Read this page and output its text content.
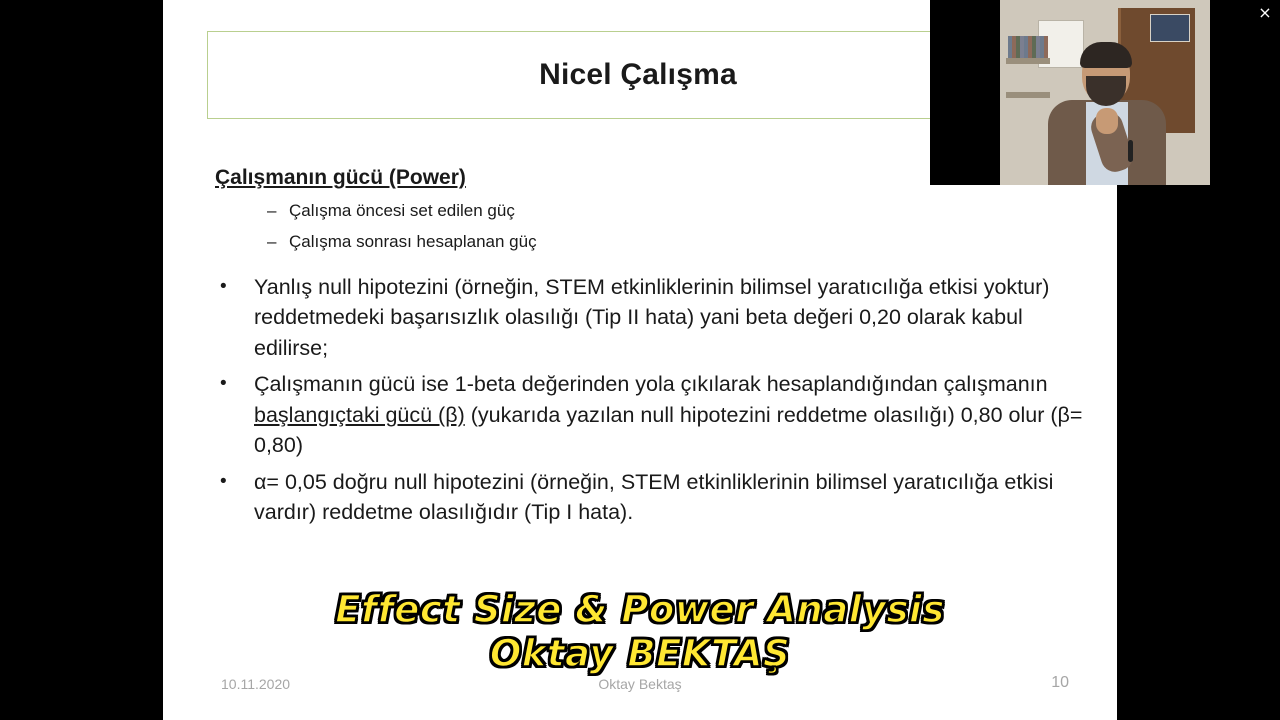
Nicel Çalışma
Çalışmanın gücü (Power)
– Çalışma öncesi set edilen güç
– Çalışma sonrası hesaplanan güç
•	Yanlış null hipotezini (örneğin, STEM etkinliklerinin bilimsel yaratıcılığa etkisi yoktur) reddetmedeki başarısızlık olasılığı (Tip II hata) yani beta değeri 0,20 olarak kabul edilirse;
•	Çalışmanın gücü ise 1-beta değerinden yola çıkılarak hesaplandığından çalışmanın başlangıçtaki gücü (β) (yukarıda yazılan null hipotezini reddetme olasılığı) 0,80 olur (β= 0,80)
•	α= 0,05 doğru null hipotezini (örneğin, STEM etkinliklerinin bilimsel yaratıcılığa etkisi vardır) reddetme olasılığıdır (Tip I hata).
Effect Size & Power Analysis
Oktay BEKTAŞ
10.11.2020	Oktay Bektaş	10
×
